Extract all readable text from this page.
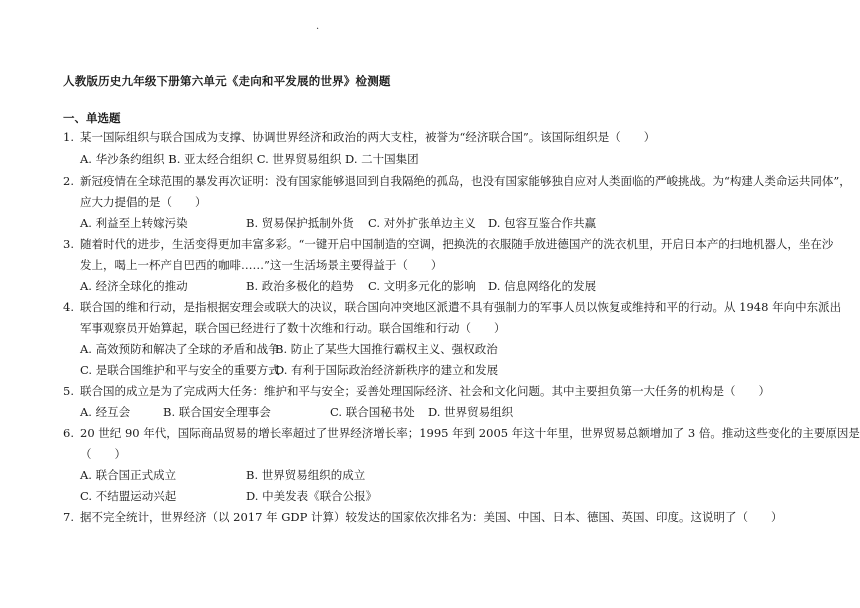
·
人教版历史九年级下册第六单元《走向和平发展的世界》检测题
一、单选题
1. 某一国际组织与联合国成为支撑、协调世界经济和政治的两大支柱，被誉为“经济联合国”。该国际组织是（　　）
A. 华沙条约组织 B. 亚太经合组织 C. 世界贸易组织 D. 二十国集团
2. 新冠疫情在全球范围的暴发再次证明：没有国家能够退回到自我隔绝的孤岛，也没有国家能够独自应对人类面临的严峻挑战。为“构建人类命运共同体”，
应大力提倡的是（　　）
A. 利益至上转嫁污染	B. 贸易保护抵制外货 C. 对外扩张单边主义 D. 包容互鉴合作共赢
3. 随着时代的进步，生活变得更加丰富多彩。“一键开启中国制造的空调，把换洗的衣服随手放进德国产的洗衣机里，开启日本产的扫地机器人，坐在沙
发上，喝上一杯产自巴西的咖啡……”这一生活场景主要得益于（　　）
A. 经济全球化的推动	B. 政治多极化的趋势 C. 文明多元化的影响 D. 信息网络化的发展
4. 联合国的维和行动，是指根据安理会或联大的决议，联合国向冲突地区派遣不具有强制力的军事人员以恢复或维持和平的行动。从 1948 年向中东派出
军事观察员开始算起，联合国已经进行了数十次维和行动。联合国维和行动（　　）
A. 高效预防和解决了全球的矛盾和战争
B. 防止了某些大国推行霸权主义、强权政治
C. 是联合国维护和平与安全的重要方式
D. 有利于国际政治经济新秩序的建立和发展
5. 联合国的成立是为了完成两大任务：维护和平与安全；妥善处理国际经济、社会和文化问题。其中主要担负第一大任务的机构是（　　）
A. 经互会	B. 联合国安全理事会	C. 联合国秘书处 D. 世界贸易组织
6. 20 世纪 90 年代，国际商品贸易的增长率超过了世界经济增长率；1995 年到 2005 年这十年里，世界贸易总额增加了 3 倍。推动这些变化的主要原因是
（　　）
A. 联合国正式成立	B. 世界贸易组织的成立
C. 不结盟运动兴起	D. 中美发表《联合公报》
7. 据不完全统计，世界经济（以 2017 年 GDP 计算）较发达的国家依次排名为：美国、中国、日本、德国、英国、印度。这说明了（　　）
